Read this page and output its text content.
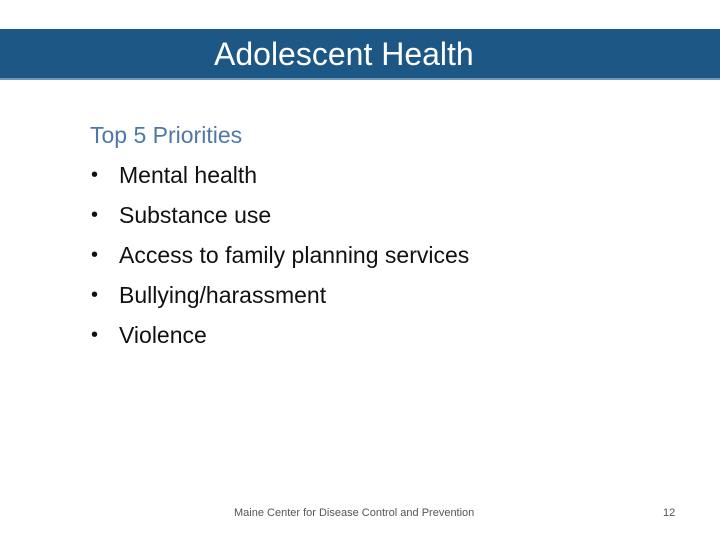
Adolescent Health
Top 5 Priorities
• Mental health
• Substance use
• Access to family planning services
• Bullying/harassment
• Violence
Maine Center for Disease Control and Prevention	12
